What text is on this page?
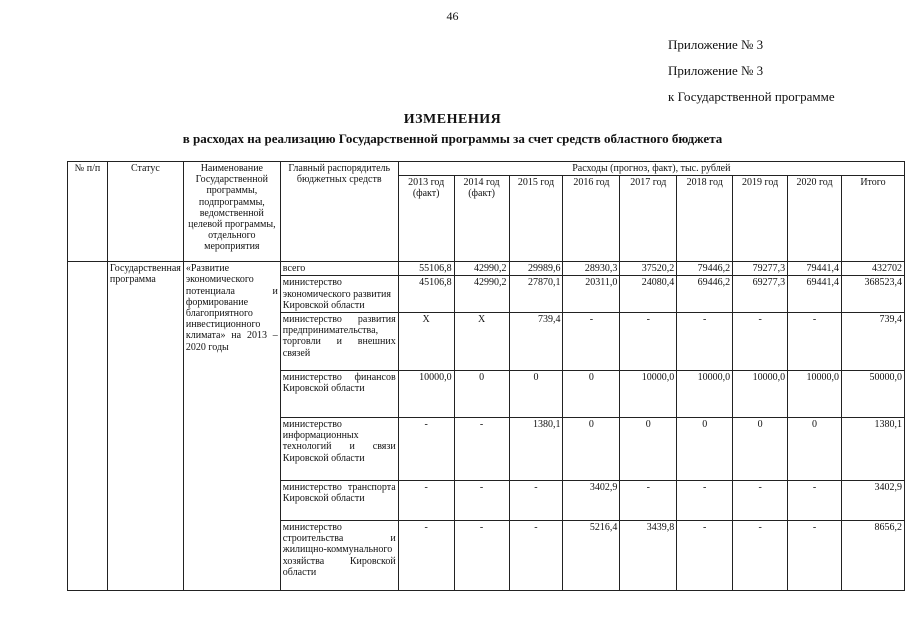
46
Приложение № 3
Приложение № 3
к Государственной программе
ИЗМЕНЕНИЯ
в расходах на реализацию Государственной программы за счет средств областного бюджета
№ п/п	Статус	Наименование Государственной программы, подпрограммы, ведомственной целевой программы, отдельного мероприятия	Главный распорядитель бюджетных средств	Расходы (прогноз, факт), тыс. рублей								
				2013 год (факт)	2014 год (факт)	2015 год	2016 год	2017 год	2018 год	2019 год	2020 год	Итого
	Государственная программа	«Развитие экономического потенциала и формирование благоприятного инвестиционного климата» на 2013 – 2020 годы	всего	55106,8	42990,2	29989,6	28930,3	37520,2	79446,2	79277,3	79441,4	432702
			министерство экономического развития Кировской области	45106,8	42990,2	27870,1	20311,0	24080,4	69446,2	69277,3	69441,4	368523,4
			министерство развития предпринимательства, торговли и внешних связей	X	X	739,4	-	-	-	-	-	739,4
			министерство финансов Кировской области	10000,0	0	0	0	10000,0	10000,0	10000,0	10000,0	50000,0
			министерство информационных технологий и связи Кировской области	-	-	1380,1	0	0	0	0	0	1380,1
			министерство транспорта Кировской области	-	-	-	3402,9	-	-	-	-	3402,9
			министерство строительства и жилищно-коммунального хозяйства Кировской области	-	-	-	5216,4	3439,8	-	-	-	8656,2
